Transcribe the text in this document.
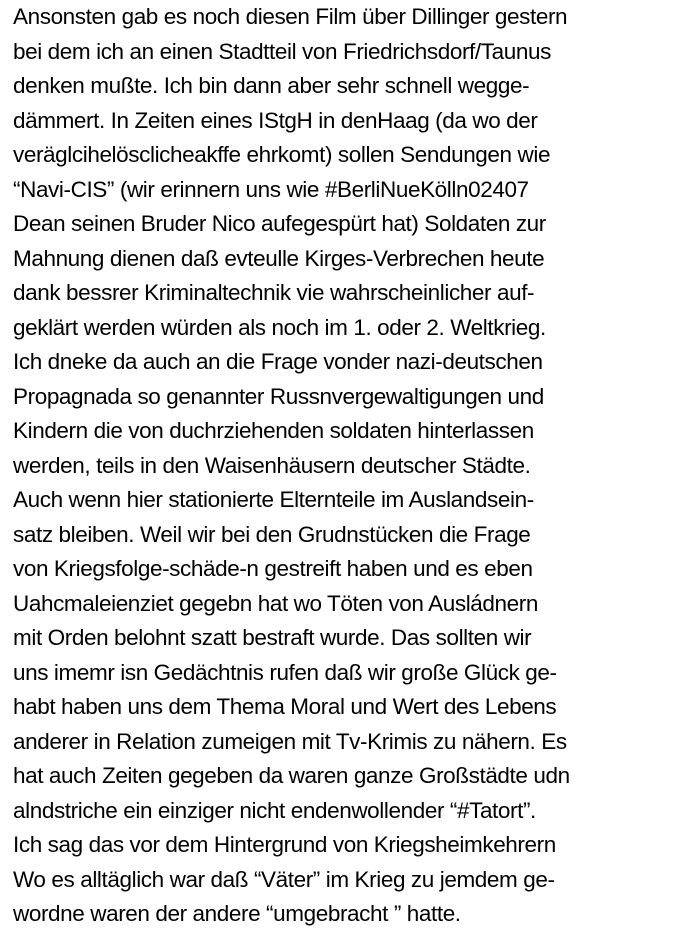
Ansonsten gab es noch diesen Film über Dillinger gestern
bei dem ich an einen Stadtteil von Friedrichsdorf/Taunus
denken mußte. Ich bin dann aber sehr schnell wegge-
dämmert. In Zeiten eines IStgH in denHaag (da wo der
veräglcihelösclicheakffe ehrkomt) sollen Sendungen wie
“Navi-CIS” (wir erinnern uns wie #BerliNueKölln02407
Dean seinen Bruder Nico aufegespürt hat) Soldaten zur
Mahnung dienen daß evteulle Kirges-Verbrechen heute
dank bessrer Kriminaltechnik vie wahrscheinlicher auf-
geklärt werden würden als noch im 1. oder 2. Weltkrieg.
Ich dneke da auch an die Frage vonder nazi-deutschen
Propagnada so genannter Russnvergewaltigungen und
Kindern die von duchrziehenden soldaten hinterlassen
werden, teils in den Waisenhäusern deutscher Städte.
Auch wenn hier stationierte Elternteile im Auslandsein-
satz bleiben. Weil wir bei den Grudnstücken die Frage
von Kriegsfolge-schäde-n gestreift haben und es eben
Uahcmaleienziet gegebn hat wo Töten von Ausládnern
mit Orden belohnt szatt bestraft wurde. Das sollten wir
uns imemr isn Gedächtnis rufen daß wir große Glück ge-
habt haben uns dem Thema Moral und Wert des Lebens
anderer in Relation zumeigen mit Tv-Krimis zu nähern. Es
hat auch Zeiten gegeben da waren ganze Großstädte udn
alndstriche ein einziger nicht endenwollender “#Tatort”.
Ich sag das vor dem Hintergrund von Kriegsheimkehrern
Wo es alltäglich war daß “Väter” im Krieg zu jemdem ge-
wordne waren der andere “umgebracht ” hatte.
